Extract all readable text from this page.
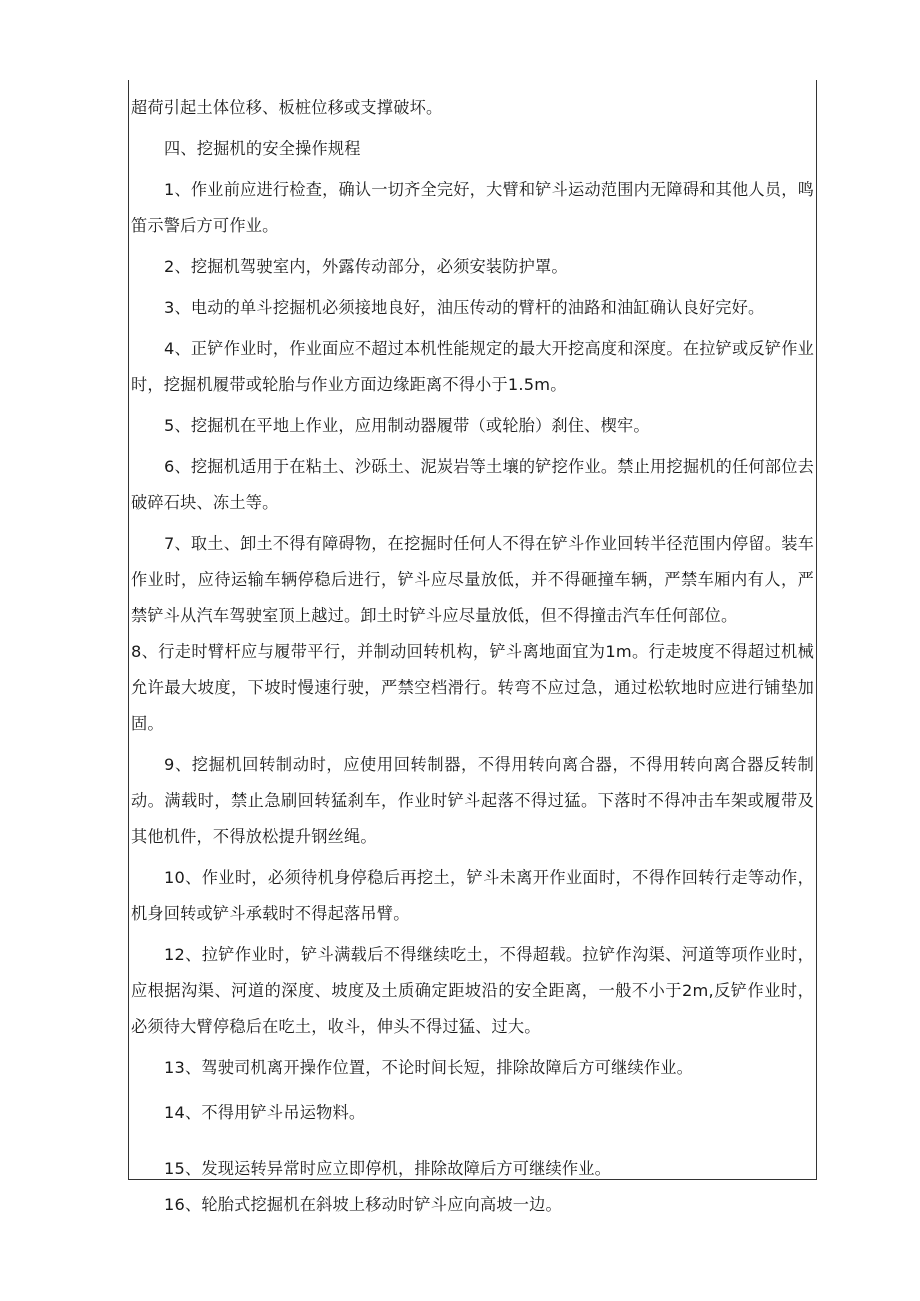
超荷引起土体位移、板桩位移或支撑破坏。

四、挖掘机的安全操作规程

1、作业前应进行检查，确认一切齐全完好，大臂和铲斗运动范围内无障碍和其他人员，鸣笛示警后方可作业。

2、挖掘机驾驶室内，外露传动部分，必须安装防护罩。

3、电动的单斗挖掘机必须接地良好，油压传动的臂杆的油路和油缸确认良好完好。

4、正铲作业时，作业面应不超过本机性能规定的最大开挖高度和深度。在拉铲或反铲作业时，挖掘机履带或轮胎与作业方面边缘距离不得小于1.5m。

5、挖掘机在平地上作业，应用制动器履带（或轮胎）刹住、楔牢。

6、挖掘机适用于在粘土、沙砾土、泥炭岩等土壤的铲挖作业。禁止用挖掘机的任何部位去破碎石块、冻土等。

7、取土、卸土不得有障碍物，在挖掘时任何人不得在铲斗作业回转半径范围内停留。装车作业时，应待运输车辆停稳后进行，铲斗应尽量放低，并不得砸撞车辆，严禁车厢内有人，严禁铲斗从汽车驾驶室顶上越过。卸土时铲斗应尽量放低，但不得撞击汽车任何部位。

8、行走时臂杆应与履带平行，并制动回转机构，铲斗离地面宜为1m。行走坡度不得超过机械允许最大坡度，下坡时慢速行驶，严禁空档滑行。转弯不应过急，通过松软地时应进行铺垫加固。

9、挖掘机回转制动时，应使用回转制器，不得用转向离合器，不得用转向离合器反转制动。满载时，禁止急刷回转猛刹车，作业时铲斗起落不得过猛。下落时不得冲击车架或履带及其他机件，不得放松提升钢丝绳。

10、作业时，必须待机身停稳后再挖土，铲斗未离开作业面时，不得作回转行走等动作，机身回转或铲斗承载时不得起落吊臂。

12、拉铲作业时，铲斗满载后不得继续吃土，不得超载。拉铲作沟渠、河道等项作业时，应根据沟渠、河道的深度、坡度及土质确定距坡沿的安全距离，一般不小于2m,反铲作业时，必须待大臂停稳后在吃土，收斗，伸头不得过猛、过大。

13、驾驶司机离开操作位置，不论时间长短，排除故障后方可继续作业。

14、不得用铲斗吊运物料。

15、发现运转异常时应立即停机，排除故障后方可继续作业。

16、轮胎式挖掘机在斜坡上移动时铲斗应向高坡一边。
